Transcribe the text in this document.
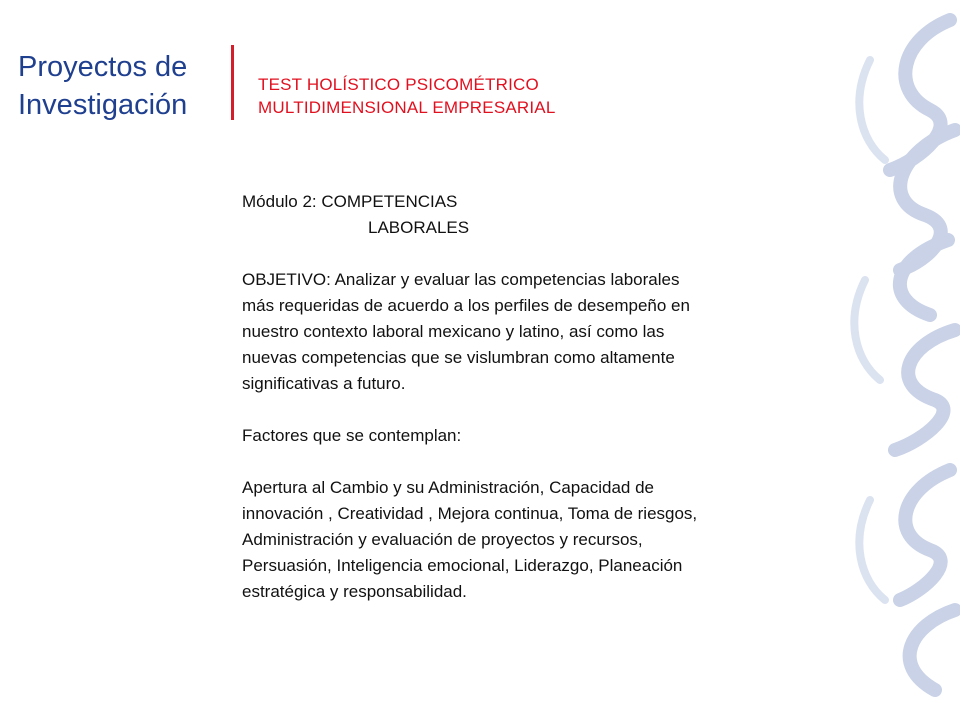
Proyectos de
Investigación
TEST HOLÍSTICO PSICOMÉTRICO
MULTIDIMENSIONAL EMPRESARIAL

Módulo 2: COMPETENCIAS

LABORALES

OBJETIVO: Analizar y evaluar las competencias laborales

más requeridas de acuerdo a los perfiles de desempeño en

nuestro contexto laboral mexicano y latino, así como las

nuevas competencias que se vislumbran como altamente

significativas a futuro.

Factores que se contemplan:

Apertura al Cambio y su Administración, Capacidad de

innovación , Creatividad , Mejora continua, Toma de riesgos,

Administración y evaluación de proyectos y recursos,

Persuasión, Inteligencia emocional, Liderazgo, Planeación

estratégica y responsabilidad.
